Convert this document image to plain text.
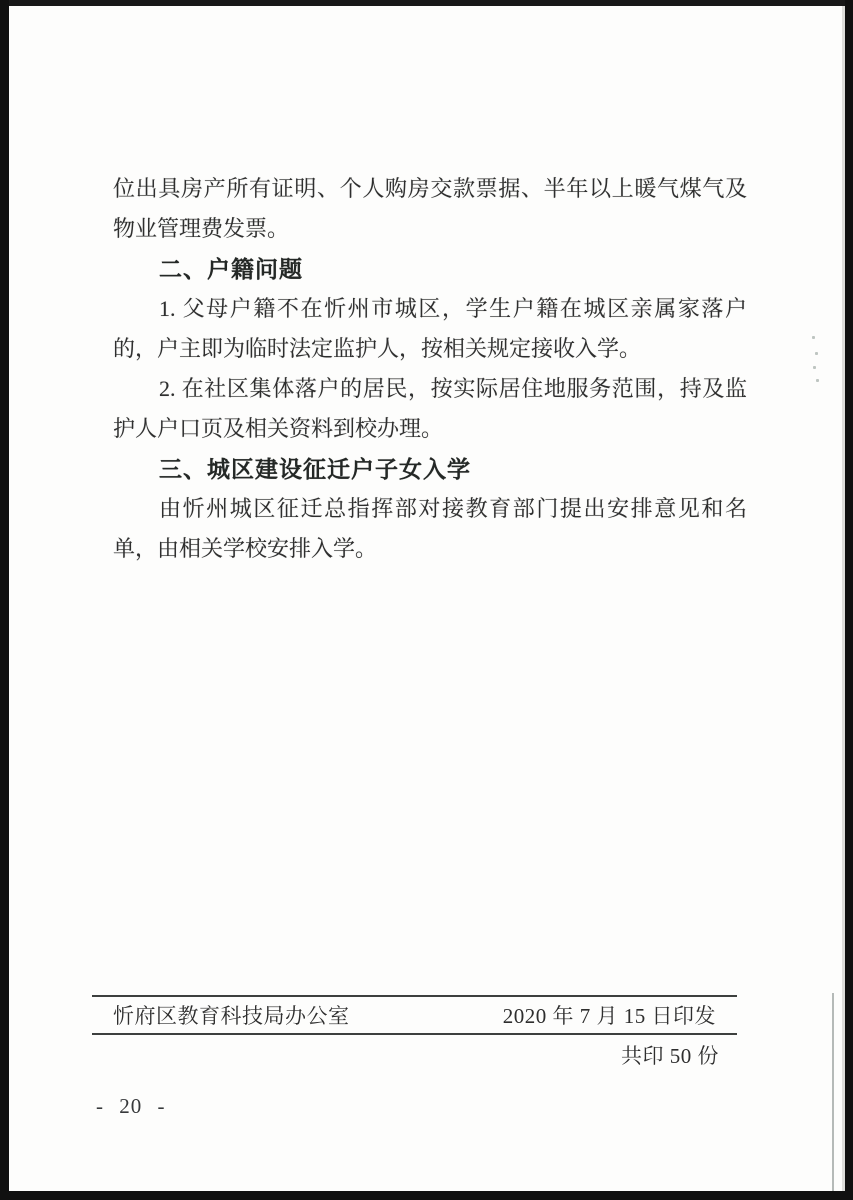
位出具房产所有证明、个人购房交款票据、半年以上暖气煤气及
物业管理费发票。
二、户籍问题
1. 父母户籍不在忻州市城区，学生户籍在城区亲属家落户
的，户主即为临时法定监护人，按相关规定接收入学。
2. 在社区集体落户的居民，按实际居住地服务范围，持及监
护人户口页及相关资料到校办理。
三、城区建设征迁户子女入学
由忻州城区征迁总指挥部对接教育部门提出安排意见和名
单，由相关学校安排入学。
忻府区教育科技局办公室	2020 年 7 月 15 日印发
共印 50 份
- 20 -
